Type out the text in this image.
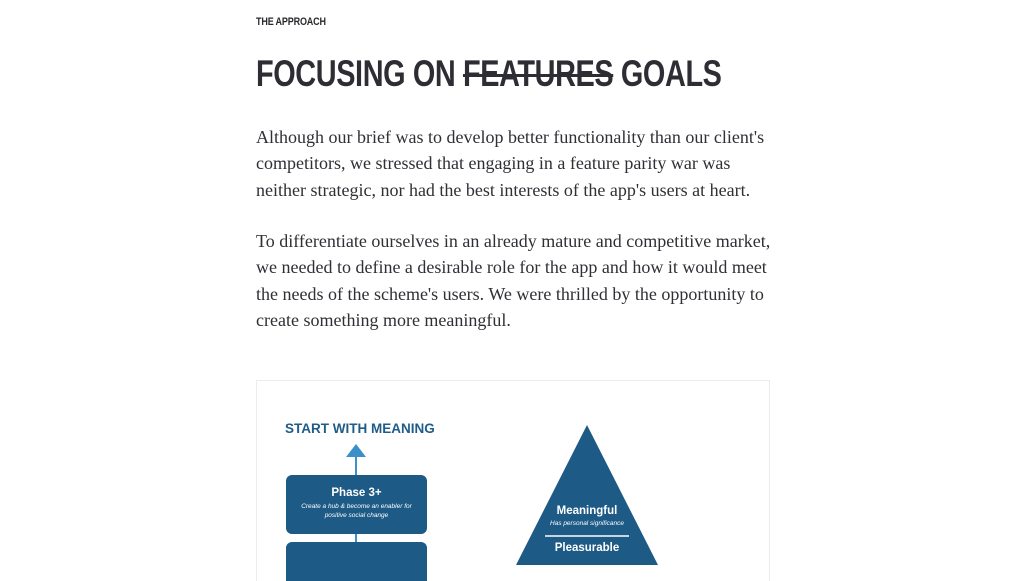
THE APPROACH
FOCUSING ON FEATURES GOALS

Although our brief was to develop better functionality than our client's competitors, we stressed that engaging in a feature parity war was neither strategic, nor had the best interests of the app's users at heart.

To differentiate ourselves in an already mature and competitive market, we needed to define a desirable role for the app and how it would meet the needs of the scheme's users. We were thrilled by the opportunity to create something more meaningful.

START WITH MEANING
Phase 3+
Create a hub & become an enabler for positive social change	Meaningful
Has personal significance
Pleasurable
